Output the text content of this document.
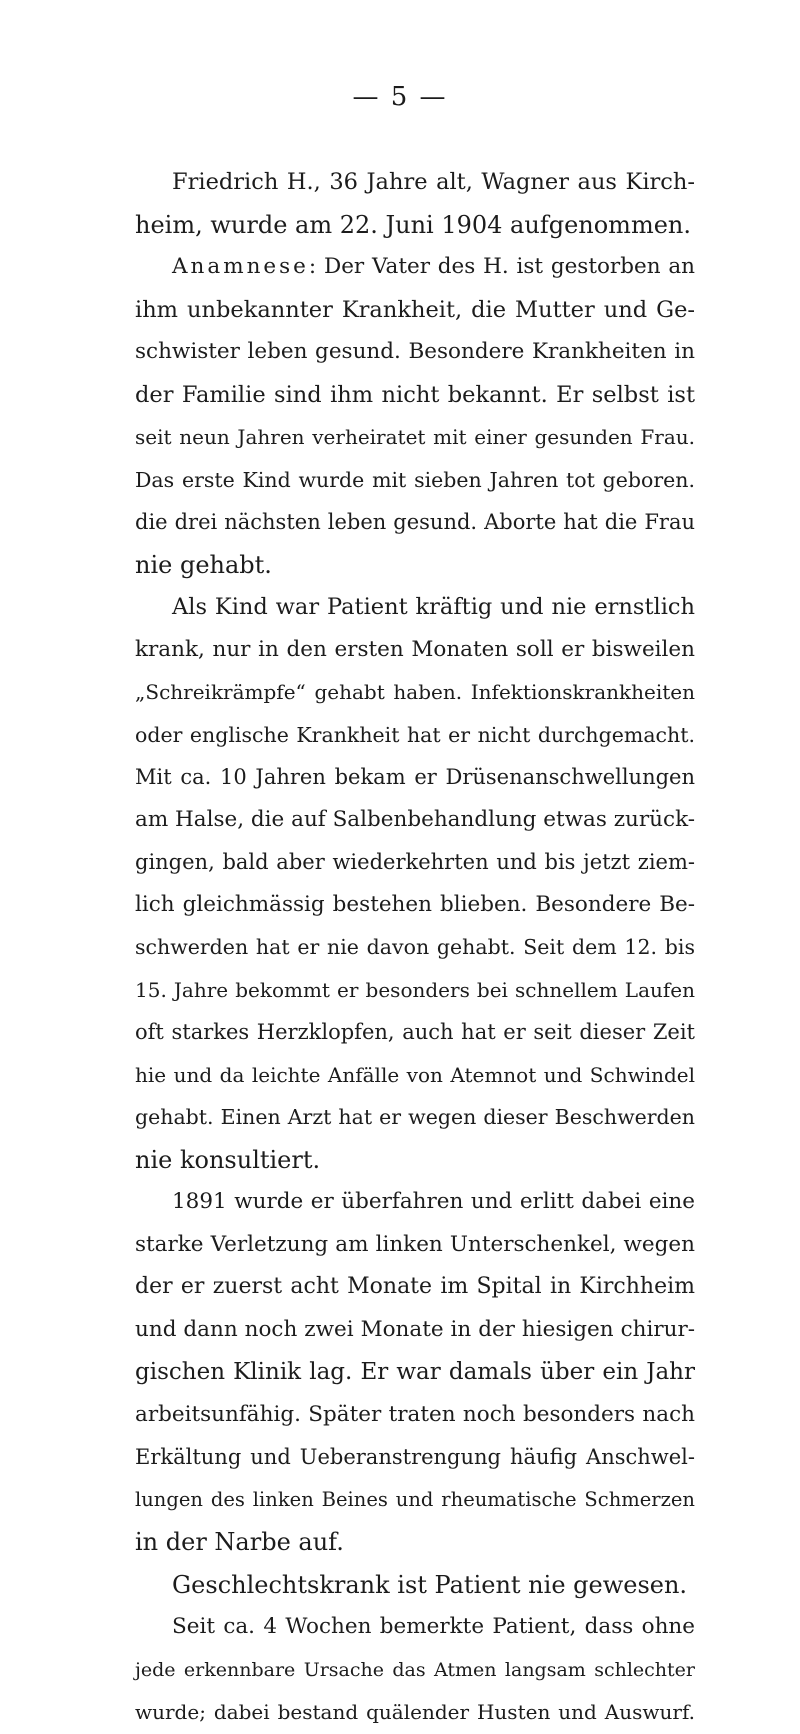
— 5 —
Friedrich H., 36 Jahre alt, Wagner aus Kirch-
heim, wurde am 22. Juni 1904 aufgenommen.
Anamnese: Der Vater des H. ist gestorben an
ihm unbekannter Krankheit, die Mutter und Ge-
schwister leben gesund. Besondere Krankheiten in
der Familie sind ihm nicht bekannt. Er selbst ist
seit neun Jahren verheiratet mit einer gesunden Frau.
Das erste Kind wurde mit sieben Jahren tot geboren.
die drei nächsten leben gesund. Aborte hat die Frau
nie gehabt.
Als Kind war Patient kräftig und nie ernstlich
krank, nur in den ersten Monaten soll er bisweilen
„Schreikrämpfe“ gehabt haben. Infektionskrankheiten
oder englische Krankheit hat er nicht durchgemacht.
Mit ca. 10 Jahren bekam er Drüsenanschwellungen
am Halse, die auf Salbenbehandlung etwas zurück-
gingen, bald aber wiederkehrten und bis jetzt ziem-
lich gleichmässig bestehen blieben. Besondere Be-
schwerden hat er nie davon gehabt. Seit dem 12. bis
15. Jahre bekommt er besonders bei schnellem Laufen
oft starkes Herzklopfen, auch hat er seit dieser Zeit
hie und da leichte Anfälle von Atemnot und Schwindel
gehabt. Einen Arzt hat er wegen dieser Beschwerden
nie konsultiert.
1891 wurde er überfahren und erlitt dabei eine
starke Verletzung am linken Unterschenkel, wegen
der er zuerst acht Monate im Spital in Kirchheim
und dann noch zwei Monate in der hiesigen chirur-
gischen Klinik lag. Er war damals über ein Jahr
arbeitsunfähig. Später traten noch besonders nach
Erkältung und Ueberanstrengung häufig Anschwel-
lungen des linken Beines und rheumatische Schmerzen
in der Narbe auf.
Geschlechtskrank ist Patient nie gewesen.
Seit ca. 4 Wochen bemerkte Patient, dass ohne
jede erkennbare Ursache das Atmen langsam schlechter
wurde; dabei bestand quälender Husten und Auswurf.
